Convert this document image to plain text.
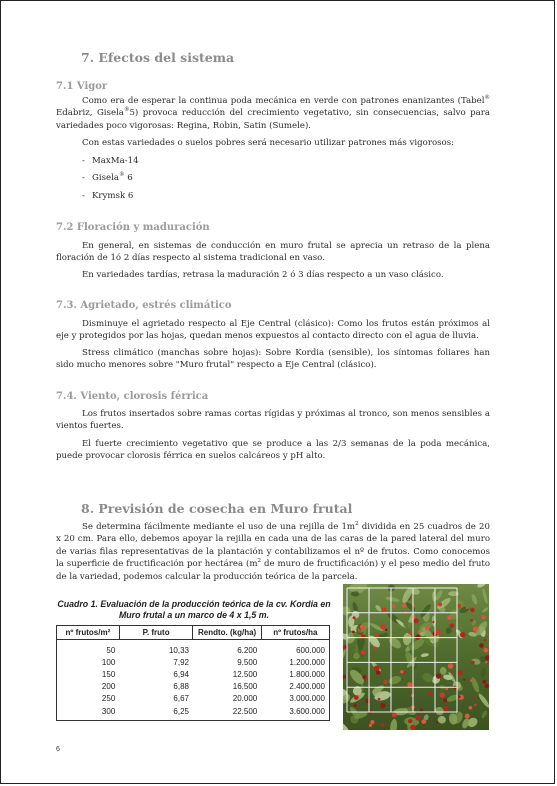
7. Efectos del sistema
7.1 Vigor
Como era de esperar la continua poda mecánica en verde con patrones enanizantes (Tabel® Edabriz, Gisela®5) provoca reducción del crecimiento vegetativo, sin consecuencias, salvo para variedades poco vigorosas: Regina, Robin, Satin (Sumele).
Con estas variedades o suelos pobres será necesario utilizar patrones más vigorosos:
- MaxMa-14
- Gisela® 6
- Krymsk 6
7.2 Floración y maduración
En general, en sistemas de conducción en muro frutal se aprecia un retraso de la plena floración de 1ó 2 días respecto al sistema tradicional en vaso.
En variedades tardías, retrasa la maduración 2 ó 3 días respecto a un vaso clásico.
7.3. Agrietado, estrés climático
Disminuye el agrietado respecto al Eje Central (clásico): Como los frutos están próximos al eje y protegidos por las hojas, quedan menos expuestos al contacto directo con el agua de lluvia.
Stress climático (manchas sobre hojas): Sobre Kordia (sensible), los síntomas foliares han sido mucho menores sobre "Muro frutal" respecto a Eje Central (clásico).
7.4. Viento, clorosis férrica
Los frutos insertados sobre ramas cortas rígidas y próximas al tronco, son menos sensibles a vientos fuertes.
El fuerte crecimiento vegetativo que se produce a las 2/3 semanas de la poda mecánica, puede provocar clorosis férrica en suelos calcáreos y pH alto.
8. Previsión de cosecha en Muro frutal
Se determina fácilmente mediante el uso de una rejilla de $1m^2$ dividida en 25 cuadros de 20 x 20 cm. Para ello, debemos apoyar la rejilla en cada una de las caras de la pared lateral del muro de varias filas representativas de la plantación y contabilizamos el nº de frutos. Como conocemos la superficie de fructificación por hectárea ($m^2$ de muro de fructificación) y el peso medio del fruto de la variedad, podemos calcular la producción teórica de la parcela.
Cuadro 1. Evaluación de la producción teórica de la cv. Kordia en
Muro frutal a un marco de 4 x 1,5 m.
nº frutos/m²	P. fruto	Rendto. (kg/ha)	nº frutos/ha
50	10,33	6.200	600.000
100	7,92	9.500	1.200.000
150	6,94	12.500	1.800.000
200	6,88	16.500	2.400.000
250	6,67	20.000	3.000.000
300	6,25	22.500	3.600.000
6
